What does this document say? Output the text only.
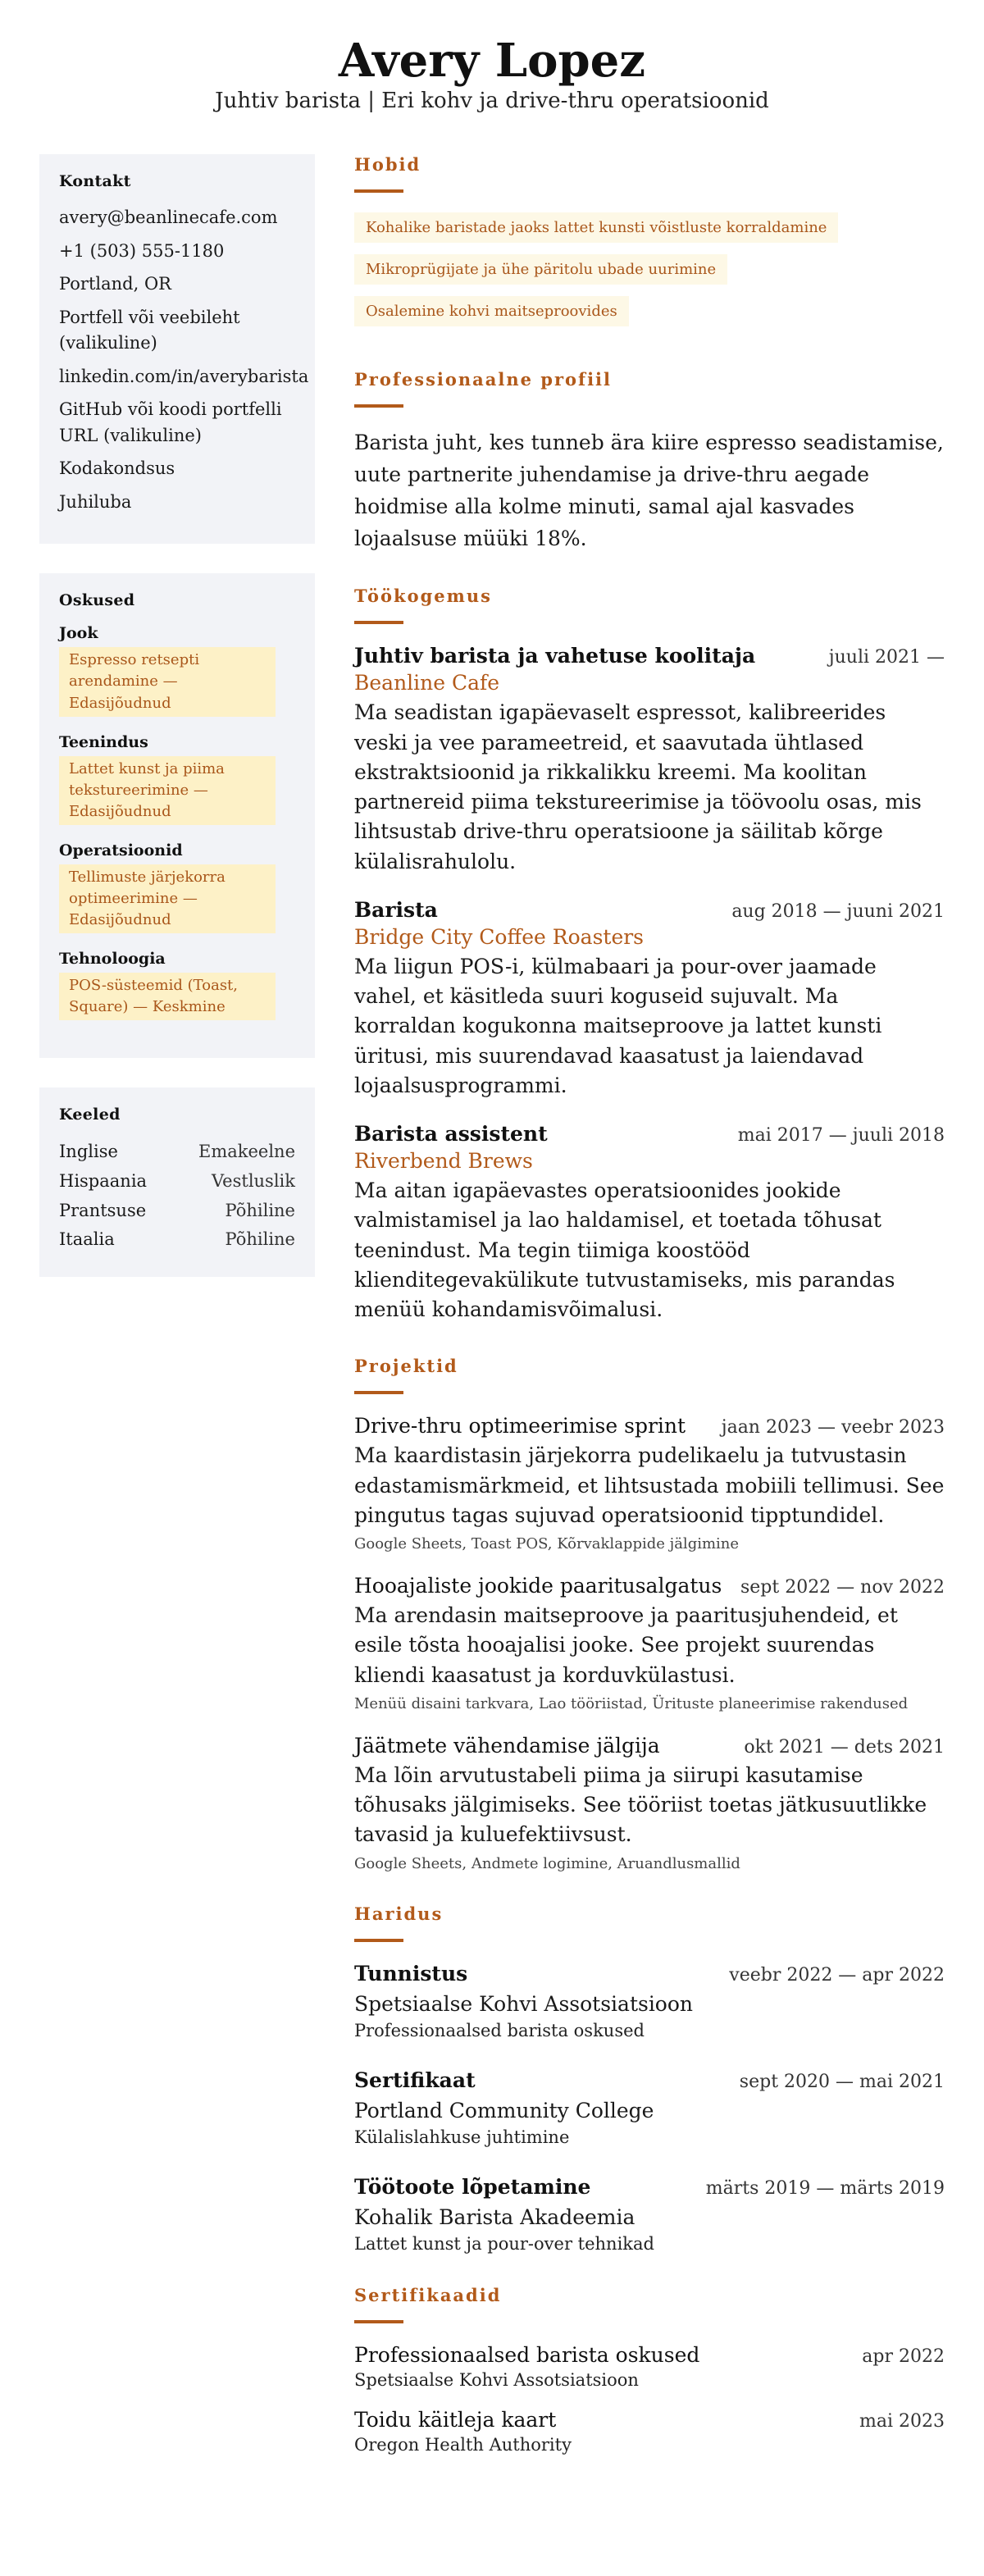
Avery Lopez
Juhtiv barista | Eri kohv ja drive-thru operatsioonid
Kontakt
avery@beanlinecafe.com
+1 (503) 555-1180
Portland, OR
Portfell või veebileht (valikuline)
linkedin.com/in/averybarista
GitHub või koodi portfelli URL (valikuline)
Kodakondsus
Juhiluba
Oskused
Jook
Espresso retsepti arendamine — Edasijõudnud
Teenindus
Lattet kunst ja piima tekstureerimine — Edasijõudnud
Operatsioonid
Tellimuste järjekorra optimeerimine — Edasijõudnud
Tehnoloogia
POS-süsteemid (Toast, Square) — Keskmine
Keeled
Inglise	Emakeelne
Hispaania	Vestluslik
Prantsuse	Põhiline
Itaalia	Põhiline
Hobid
Kohalike baristade jaoks lattet kunsti võistluste korraldamine
Mikroprügijate ja ühe päritolu ubade uurimine
Osalemine kohvi maitseproovides
Professionaalne profiil

Barista juht, kes tunneb ära kiire espresso seadistamise, uute partnerite juhendamise ja drive-thru aegade hoidmise alla kolme minuti, samal ajal kasvades lojaalsuse müüki 18%.

Töökogemus
Juhtiv barista ja vahetuse koolitaja	juuli 2021 —
Beanline Cafe

Ma seadistan igapäevaselt espressot, kalibreerides veski ja vee parameetreid, et saavutada ühtlased ekstraktsioonid ja rikkalikku kreemi. Ma koolitan partnereid piima tekstureerimise ja töövoolu osas, mis lihtsustab drive-thru operatsioone ja säilitab kõrge külalisrahulolu.

Barista	aug 2018 — juuni 2021
Bridge City Coffee Roasters

Ma liigun POS-i, külmabaari ja pour-over jaamade vahel, et käsitleda suuri koguseid sujuvalt. Ma korraldan kogukonna maitseproove ja lattet kunsti üritusi, mis suurendavad kaasatust ja laiendavad lojaalsusprogrammi.

Barista assistent	mai 2017 — juuli 2018
Riverbend Brews

Ma aitan igapäevastes operatsioonides jookide valmistamisel ja lao haldamisel, et toetada tõhusat teenindust. Ma tegin tiimiga koostööd klienditegevakülikute tutvustamiseks, mis parandas menüü kohandamisvõimalusi.

Projektid
Drive-thru optimeerimise sprint jaan 2023 — veebr 2023

Ma kaardistasin järjekorra pudelikaelu ja tutvustasin edastamismärkmeid, et lihtsustada mobiili tellimusi. See pingutus tagas sujuvad operatsioonid tipptundidel.

Google Sheets, Toast POS, Kõrvaklappide jälgimine
Hooajaliste jookide paaritusalgatus sept 2022 — nov 2022

Ma arendasin maitseproove ja paaritusjuhendeid, et esile tõsta hooajalisi jooke. See projekt suurendas kliendi kaasatust ja korduvkülastusi.

Menüü disaini tarkvara, Lao tööriistad, Ürituste planeerimise rakendused
Jäätmete vähendamise jälgija	okt 2021 — dets 2021

Ma lõin arvutustabeli piima ja siirupi kasutamise tõhusaks jälgimiseks. See tööriist toetas jätkusuutlikke tavasid ja kuluefektiivsust.

Google Sheets, Andmete logimine, Aruandlusmallid
Haridus
Tunnistus	veebr 2022 — apr 2022
Spetsiaalse Kohvi Assotsiatsioon
Professionaalsed barista oskused
Sertifikaat	sept 2020 — mai 2021
Portland Community College
Külalislahkuse juhtimine
Töötoote lõpetamine	märts 2019 — märts 2019
Kohalik Barista Akadeemia
Lattet kunst ja pour-over tehnikad
Sertifikaadid
Professionaalsed barista oskused	apr 2022
Spetsiaalse Kohvi Assotsiatsioon
Toidu käitleja kaart	mai 2023
Oregon Health Authority
